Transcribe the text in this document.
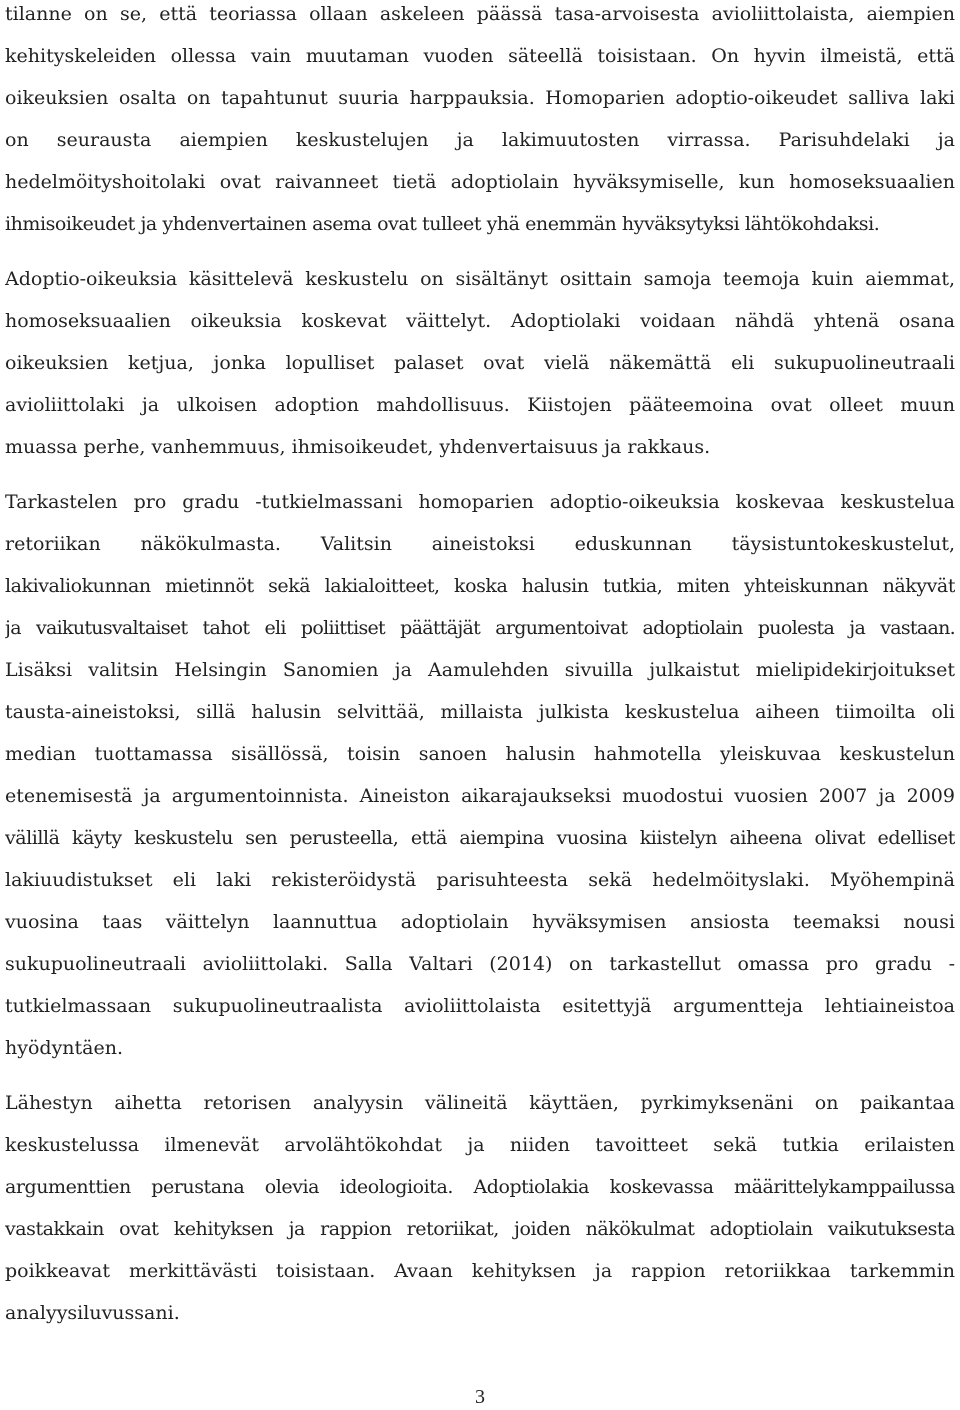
tilanne on se, että teoriassa ollaan askeleen päässä tasa-arvoisesta avioliittolaista, aiempien
kehityskeleiden ollessa vain muutaman vuoden säteellä toisistaan. On hyvin ilmeistä, että
oikeuksien osalta on tapahtunut suuria harppauksia. Homoparien adoptio-oikeudet salliva laki
on seurausta aiempien keskustelujen ja lakimuutosten virrassa. Parisuhdelaki ja
hedelmöityshoitolaki ovat raivanneet tietä adoptiolain hyväksymiselle, kun homoseksuaalien
ihmisoikeudet ja yhdenvertainen asema ovat tulleet yhä enemmän hyväksytyksi lähtökohdaksi.

Adoptio-oikeuksia käsittelevä keskustelu on sisältänyt osittain samoja teemoja kuin aiemmat,
homoseksuaalien oikeuksia koskevat väittelyt. Adoptiolaki voidaan nähdä yhtenä osana
oikeuksien ketjua, jonka lopulliset palaset ovat vielä näkemättä eli sukupuolineutraali
avioliittolaki ja ulkoisen adoption mahdollisuus. Kiistojen pääteemoina ovat olleet muun
muassa perhe, vanhemmuus, ihmisoikeudet, yhdenvertaisuus ja rakkaus.

Tarkastelen pro gradu -tutkielmassani homoparien adoptio-oikeuksia koskevaa keskustelua
retoriikan näkökulmasta. Valitsin aineistoksi eduskunnan täysistuntokeskustelut,
lakivaliokunnan mietinnöt sekä lakialoitteet, koska halusin tutkia, miten yhteiskunnan näkyvät
ja vaikutusvaltaiset tahot eli poliittiset päättäjät argumentoivat adoptiolain puolesta ja vastaan.
Lisäksi valitsin Helsingin Sanomien ja Aamulehden sivuilla julkaistut mielipidekirjoitukset
tausta-aineistoksi, sillä halusin selvittää, millaista julkista keskustelua aiheen tiimoilta oli
median tuottamassa sisällössä, toisin sanoen halusin hahmotella yleiskuvaa keskustelun
etenemisestä ja argumentoinnista. Aineiston aikarajaukseksi muodostui vuosien 2007 ja 2009
välillä käyty keskustelu sen perusteella, että aiempina vuosina kiistelyn aiheena olivat edelliset
lakiuudistukset eli laki rekisteröidystä parisuhteesta sekä hedelmöityslaki. Myöhempinä
vuosina taas väittelyn laannuttua adoptiolain hyväksymisen ansiosta teemaksi nousi
sukupuolineutraali avioliittolaki. Salla Valtari (2014) on tarkastellut omassa pro gradu -
tutkielmassaan sukupuolineutraalista avioliittolaista esitettyjä argumentteja lehtiaineistoa
hyödyntäen.

Lähestyn aihetta retorisen analyysin välineitä käyttäen, pyrkimyksenäni on paikantaa
keskustelussa ilmenevät arvolähtökohdat ja niiden tavoitteet sekä tutkia erilaisten
argumenttien perustana olevia ideologioita. Adoptiolakia koskevassa määrittelykamppailussa
vastakkain ovat kehityksen ja rappion retoriikat, joiden näkökulmat adoptiolain vaikutuksesta
poikkeavat merkittävästi toisistaan. Avaan kehityksen ja rappion retoriikkaa tarkemmin
analyysiluvussani.

3
